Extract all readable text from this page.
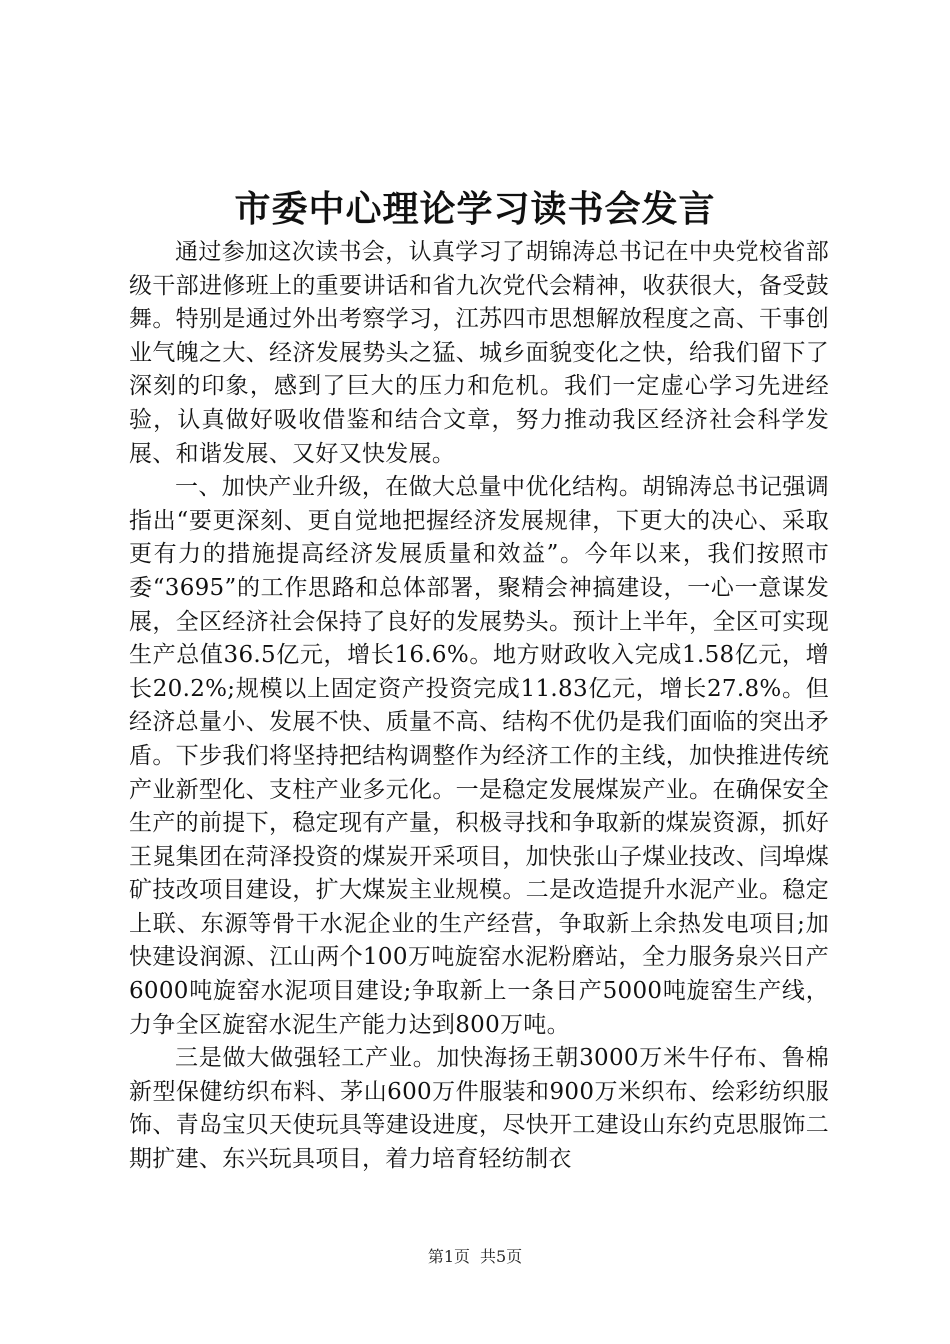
市委中心理论学习读书会发言

通过参加这次读书会，认真学习了胡锦涛总书记在中央党校省部级干部进修班上的重要讲话和省九次党代会精神，收获很大，备受鼓舞。特别是通过外出考察学习，江苏四市思想解放程度之高、干事创业气魄之大、经济发展势头之猛、城乡面貌变化之快，给我们留下了深刻的印象，感到了巨大的压力和危机。我们一定虚心学习先进经验，认真做好吸收借鉴和结合文章，努力推动我区经济社会科学发展、和谐发展、又好又快发展。

一、加快产业升级，在做大总量中优化结构。胡锦涛总书记强调指出“要更深刻、更自觉地把握经济发展规律，下更大的决心、采取更有力的措施提高经济发展质量和效益”。今年以来，我们按照市委“3695”的工作思路和总体部署，聚精会神搞建设，一心一意谋发展，全区经济社会保持了良好的发展势头。预计上半年，全区可实现生产总值36.5亿元，增长16.6%。地方财政收入完成1.58亿元，增长20.2%;规模以上固定资产投资完成11.83亿元，增长27.8%。但经济总量小、发展不快、质量不高、结构不优仍是我们面临的突出矛盾。下步我们将坚持把结构调整作为经济工作的主线，加快推进传统产业新型化、支柱产业多元化。一是稳定发展煤炭产业。在确保安全生产的前提下，稳定现有产量，积极寻找和争取新的煤炭资源，抓好王晁集团在菏泽投资的煤炭开采项目，加快张山子煤业技改、闫埠煤矿技改项目建设，扩大煤炭主业规模。二是改造提升水泥产业。稳定上联、东源等骨干水泥企业的生产经营，争取新上余热发电项目;加快建设润源、江山两个100万吨旋窑水泥粉磨站，全力服务泉兴日产6000吨旋窑水泥项目建设;争取新上一条日产5000吨旋窑生产线，力争全区旋窑水泥生产能力达到800万吨。

三是做大做强轻工产业。加快海扬王朝3000万米牛仔布、鲁棉新型保健纺织布料、茅山600万件服装和900万米织布、绘彩纺织服饰、青岛宝贝天使玩具等建设进度，尽快开工建设山东约克思服饰二期扩建、东兴玩具项目，着力培育轻纺制衣

第1页 共5页
